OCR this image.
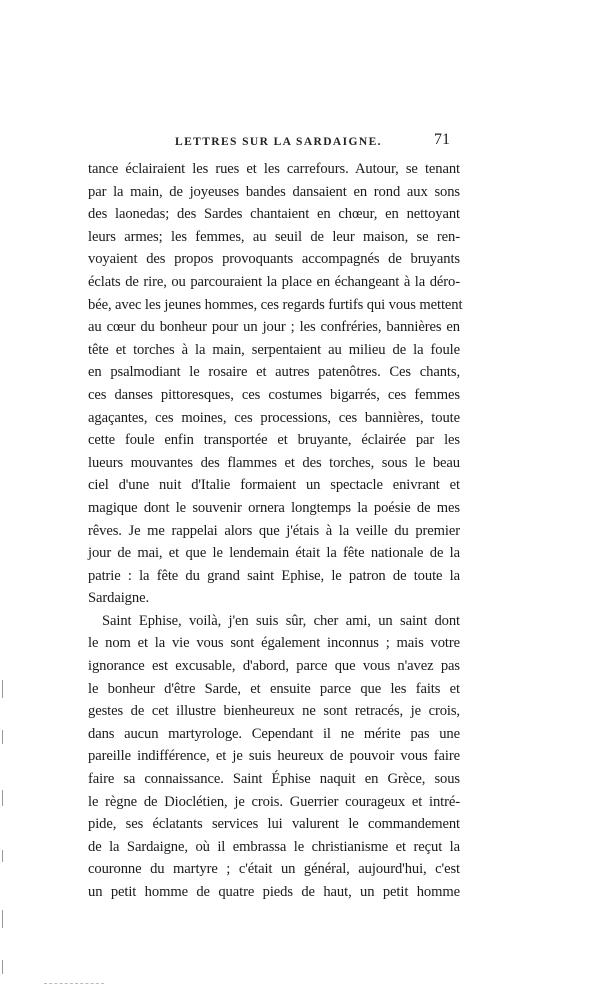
LETTRES SUR LA SARDAIGNE.	71
tance éclairaient les rues et les carrefours. Autour, se tenant
par la main, de joyeuses bandes dansaient en rond aux sons
des laonedas; des Sardes chantaient en chœur, en nettoyant
leurs armes; les femmes, au seuil de leur maison, se ren-
voyaient des propos provoquants accompagnés de bruyants
éclats de rire, ou parcouraient la place en échangeant à la déro-
bée, avec les jeunes hommes, ces regards furtifs qui vous mettent
au cœur du bonheur pour un jour ; les confréries, bannières en
tête et torches à la main, serpentaient au milieu de la foule
en psalmodiant le rosaire et autres patenôtres. Ces chants,
ces danses pittoresques, ces costumes bigarrés, ces femmes
agaçantes, ces moines, ces processions, ces bannières, toute
cette foule enfin transportée et bruyante, éclairée par les
lueurs mouvantes des flammes et des torches, sous le beau
ciel d'une nuit d'Italie formaient un spectacle enivrant et
magique dont le souvenir ornera longtemps la poésie de mes
rêves. Je me rappelai alors que j'étais à la veille du premier
jour de mai, et que le lendemain était la fête nationale de la
patrie : la fête du grand saint Ephise, le patron de toute la
Sardaigne.
Saint Ephise, voilà, j'en suis sûr, cher ami, un saint dont
le nom et la vie vous sont également inconnus ; mais votre
ignorance est excusable, d'abord, parce que vous n'avez pas
le bonheur d'être Sarde, et ensuite parce que les faits et
gestes de cet illustre bienheureux ne sont retracés, je crois,
dans aucun martyrologe. Cependant il ne mérite pas une
pareille indifférence, et je suis heureux de pouvoir vous faire
faire sa connaissance. Saint Éphise naquit en Grèce, sous
le règne de Dioclétien, je crois. Guerrier courageux et intré-
pide, ses éclatants services lui valurent le commandement
de la Sardaigne, où il embrassa le christianisme et reçut la
couronne du martyre ; c'était un général, aujourd'hui, c'est
un petit homme de quatre pieds de haut, un petit homme
